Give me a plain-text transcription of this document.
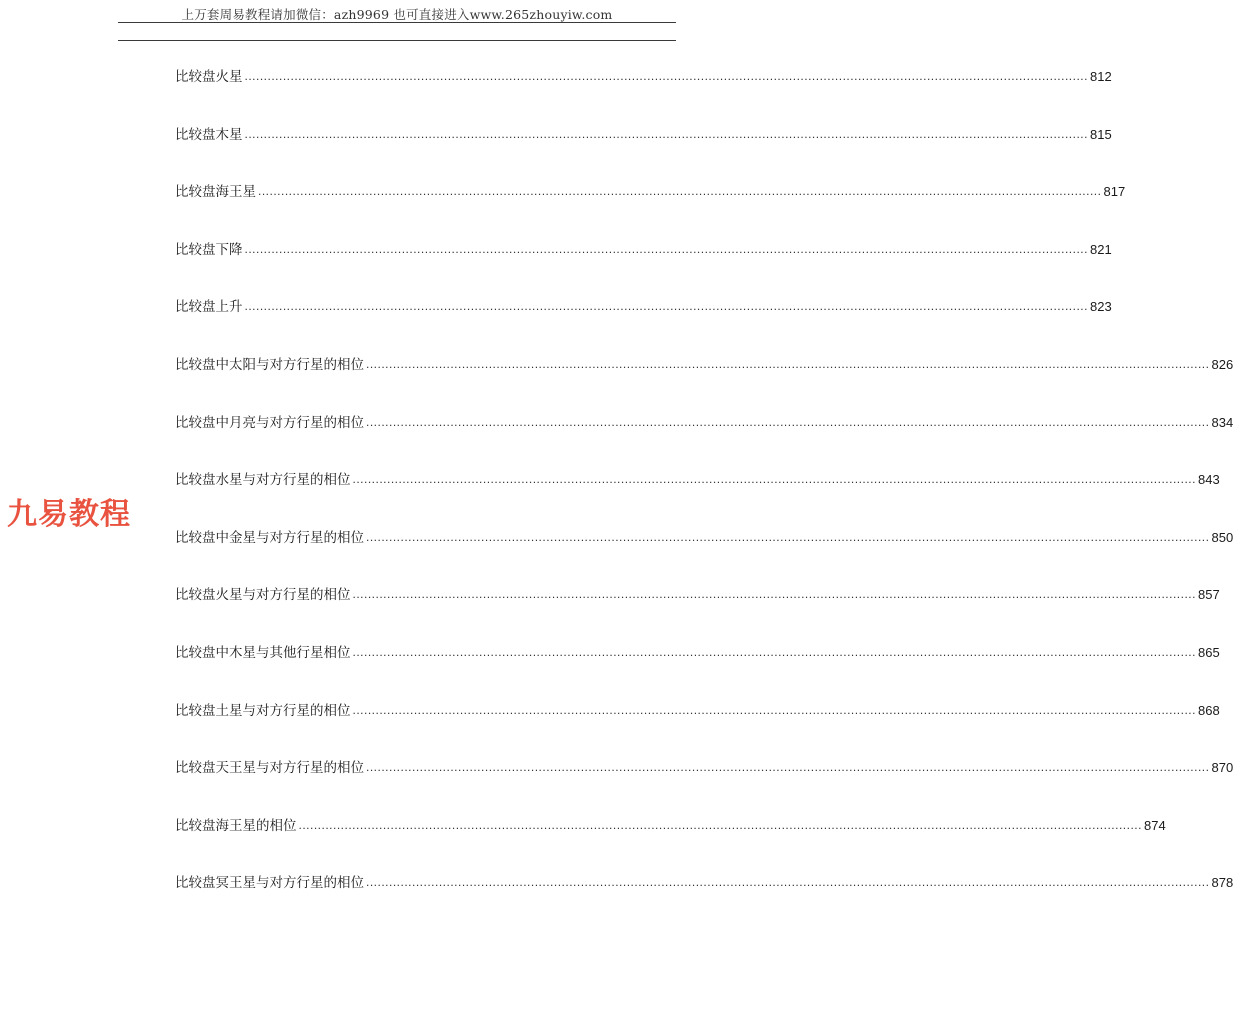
上万套周易教程请加微信：azh9969 也可直接进入www.265zhouyiw.com
比较盘火星 ............................................................................................................................................................................................................................ 812
比较盘木星 ............................................................................................................................................................................................................................ 815
比较盘海王星 ............................................................................................................................................................................................................................ 817
比较盘下降 ............................................................................................................................................................................................................................ 821
比较盘上升 ............................................................................................................................................................................................................................ 823
比较盘中太阳与对方行星的相位 ............................................................................................................................................................................................................................ 826
比较盘中月亮与对方行星的相位 ............................................................................................................................................................................................................................ 834
比较盘水星与对方行星的相位 ............................................................................................................................................................................................................................ 843
比较盘中金星与对方行星的相位 ............................................................................................................................................................................................................................ 850
比较盘火星与对方行星的相位 ............................................................................................................................................................................................................................ 857
比较盘中木星与其他行星相位 ............................................................................................................................................................................................................................ 865
比较盘土星与对方行星的相位 ............................................................................................................................................................................................................................ 868
比较盘天王星与对方行星的相位 ............................................................................................................................................................................................................................ 870
比较盘海王星的相位 ............................................................................................................................................................................................................................ 874
比较盘冥王星与对方行星的相位 ............................................................................................................................................................................................................................ 878
九易教程
